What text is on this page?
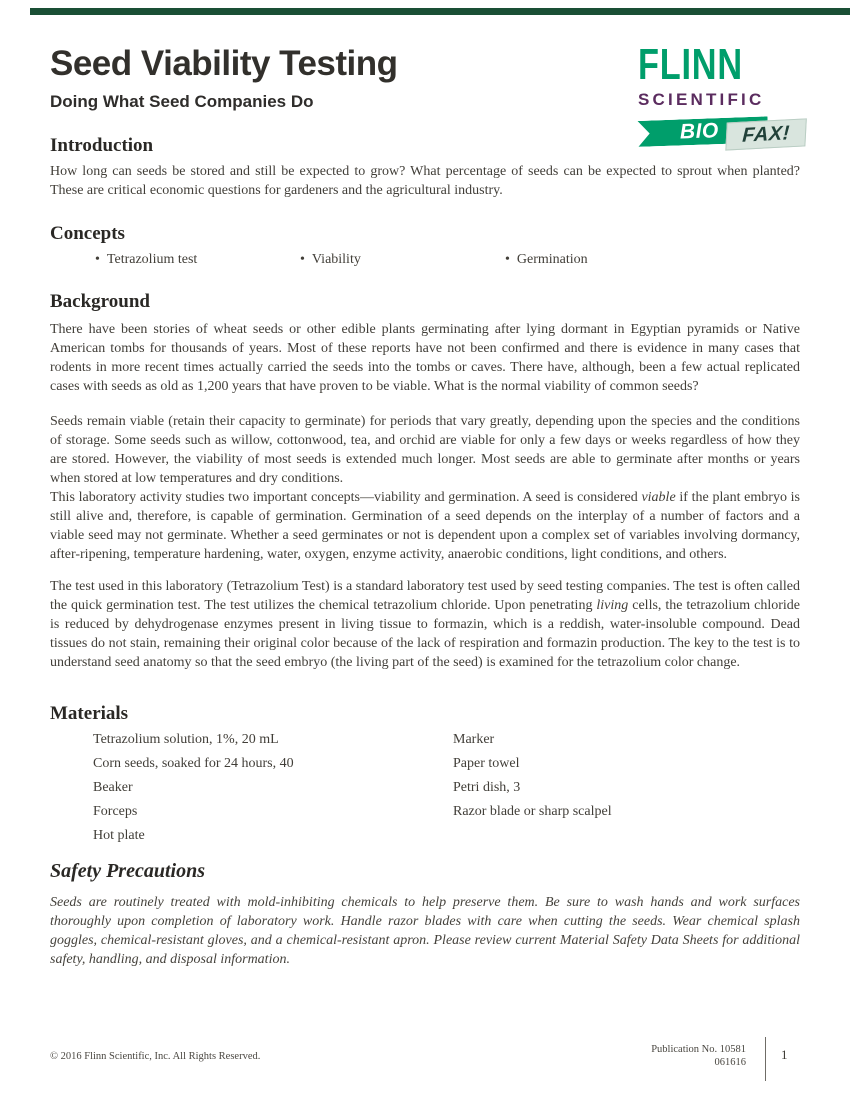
Seed Viability Testing
Doing What Seed Companies Do
FLINN
SCIENTIFIC
BIO FAX!
Introduction
How long can seeds be stored and still be expected to grow? What percentage of seeds can be expected to sprout when planted? These are critical economic questions for gardeners and the agricultural industry.
Concepts
• Tetrazolium test	• Viability	• Germination
Background
There have been stories of wheat seeds or other edible plants germinating after lying dormant in Egyptian pyramids or Native American tombs for thousands of years. Most of these reports have not been confirmed and there is evidence in many cases that rodents in more recent times actually carried the seeds into the tombs or caves. There have, although, been a few actual replicated cases with seeds as old as 1,200 years that have proven to be viable. What is the normal viability of common seeds?
Seeds remain viable (retain their capacity to germinate) for periods that vary greatly, depending upon the species and the conditions of storage. Some seeds such as willow, cottonwood, tea, and orchid are viable for only a few days or weeks regardless of how they are stored. However, the viability of most seeds is extended much longer. Most seeds are able to germinate after months or years when stored at low temperatures and dry conditions.
This laboratory activity studies two important concepts—viability and germination. A seed is considered viable if the plant embryo is still alive and, therefore, is capable of germination. Germination of a seed depends on the interplay of a number of factors and a viable seed may not germinate. Whether a seed germinates or not is dependent upon a complex set of variables involving dormancy, after-ripening, temperature hardening, water, oxygen, enzyme activity, anaerobic conditions, light conditions, and others.
The test used in this laboratory (Tetrazolium Test) is a standard laboratory test used by seed testing companies. The test is often called the quick germination test. The test utilizes the chemical tetrazolium chloride. Upon penetrating living cells, the tetrazolium chloride is reduced by dehydrogenase enzymes present in living tissue to formazin, which is a reddish, water-insoluble compound. Dead tissues do not stain, remaining their original color because of the lack of respiration and formazin production. The key to the test is to understand seed anatomy so that the seed embryo (the living part of the seed) is examined for the tetrazolium color change.
Materials
Tetrazolium solution, 1%, 20 mL	Marker
Corn seeds, soaked for 24 hours, 40	Paper towel
Beaker	Petri dish, 3
Forceps	Razor blade or sharp scalpel
Hot plate
Safety Precautions
Seeds are routinely treated with mold-inhibiting chemicals to help preserve them. Be sure to wash hands and work surfaces thoroughly upon completion of laboratory work. Handle razor blades with care when cutting the seeds. Wear chemical splash goggles, chemical-resistant gloves, and a chemical-resistant apron. Please review current Material Safety Data Sheets for additional safety, handling, and disposal information.
© 2016 Flinn Scientific, Inc. All Rights Reserved.
Publication No. 10581
061616
1
